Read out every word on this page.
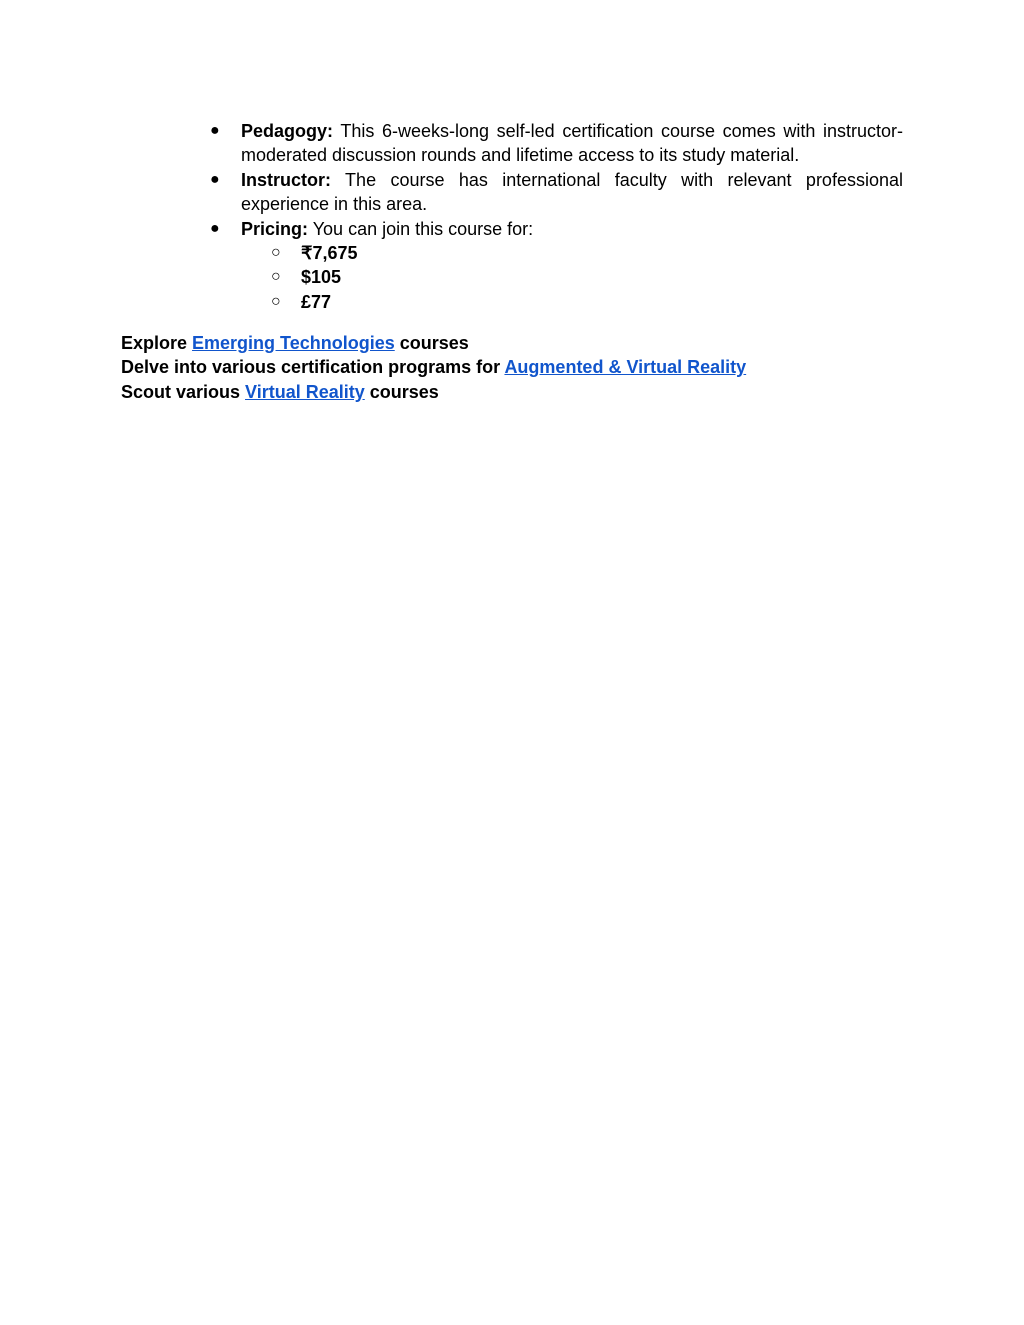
● Pedagogy: This 6-weeks-long self-led certification course comes with instructor-moderated discussion rounds and lifetime access to its study material.
● Instructor: The course has international faculty with relevant professional experience in this area.
● Pricing: You can join this course for:
○ ₹7,675
○ $105
○ £77
Explore Emerging Technologies courses
Delve into various certification programs for Augmented & Virtual Reality
Scout various Virtual Reality courses
